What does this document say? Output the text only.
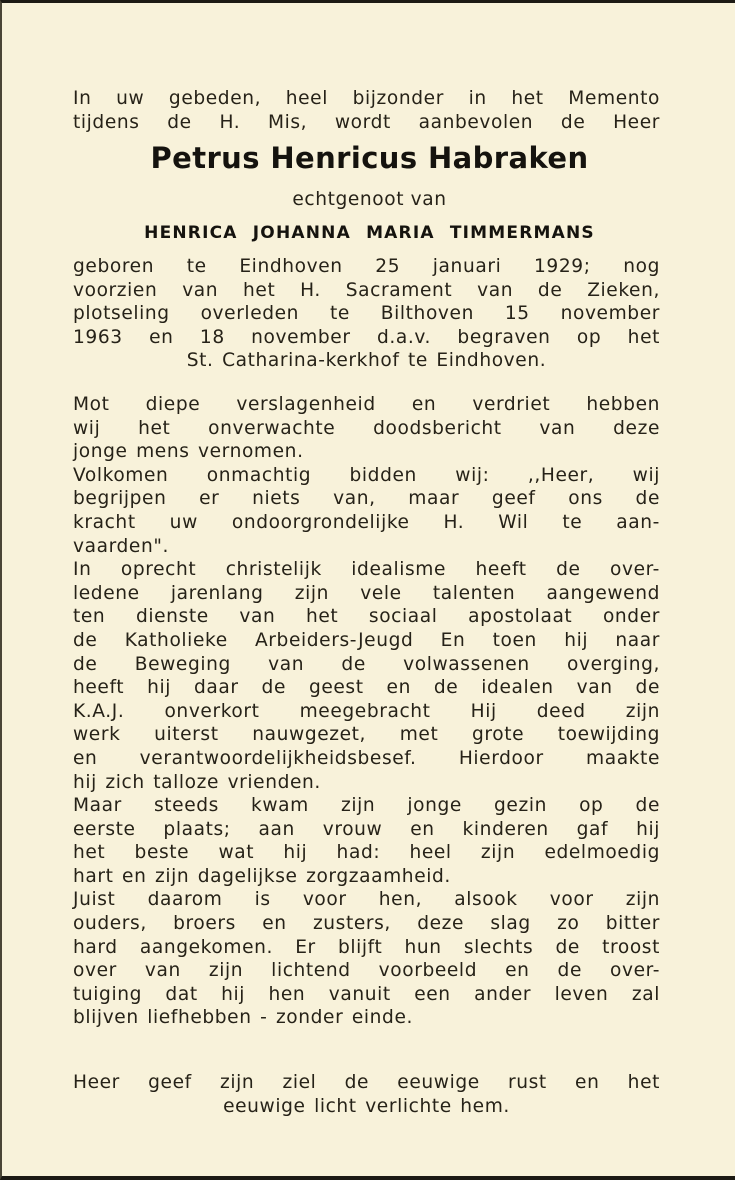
In uw gebeden, heel bijzonder in het Memento
tijdens de H. Mis, wordt aanbevolen de Heer
Petrus Henricus Habraken
echtgenoot van
HENRICA JOHANNA MARIA TIMMERMANS
geboren te Eindhoven 25 januari 1929; nog
voorzien van het H. Sacrament van de Zieken,
plotseling overleden te Bilthoven 15 november
1963 en 18 november d.a.v. begraven op het
St. Catharina-kerkhof te Eindhoven.
Mot diepe verslagenheid en verdriet hebben
wij het onverwachte doodsbericht van deze
jonge mens vernomen.
Volkomen onmachtig bidden wij: ,,Heer, wij
begrijpen er niets van, maar geef ons de
kracht uw ondoorgrondelijke H. Wil te aan-
vaarden".
In oprecht christelijk idealisme heeft de over-
ledene jarenlang zijn vele talenten aangewend
ten dienste van het sociaal apostolaat onder
de Katholieke Arbeiders-Jeugd En toen hij naar
de Beweging van de volwassenen overging,
heeft hij daar de geest en de idealen van de
K.A.J. onverkort meegebracht Hij deed zijn
werk uiterst nauwgezet, met grote toewijding
en verantwoordelijkheidsbesef. Hierdoor maakte
hij zich talloze vrienden.
Maar steeds kwam zijn jonge gezin op de
eerste plaats; aan vrouw en kinderen gaf hij
het beste wat hij had: heel zijn edelmoedig
hart en zijn dagelijkse zorgzaamheid.
Juist daarom is voor hen, alsook voor zijn
ouders, broers en zusters, deze slag zo bitter
hard aangekomen. Er blijft hun slechts de troost
over van zijn lichtend voorbeeld en de over-
tuiging dat hij hen vanuit een ander leven zal
blijven liefhebben - zonder einde.
Heer geef zijn ziel de eeuwige rust en het
eeuwige licht verlichte hem.
